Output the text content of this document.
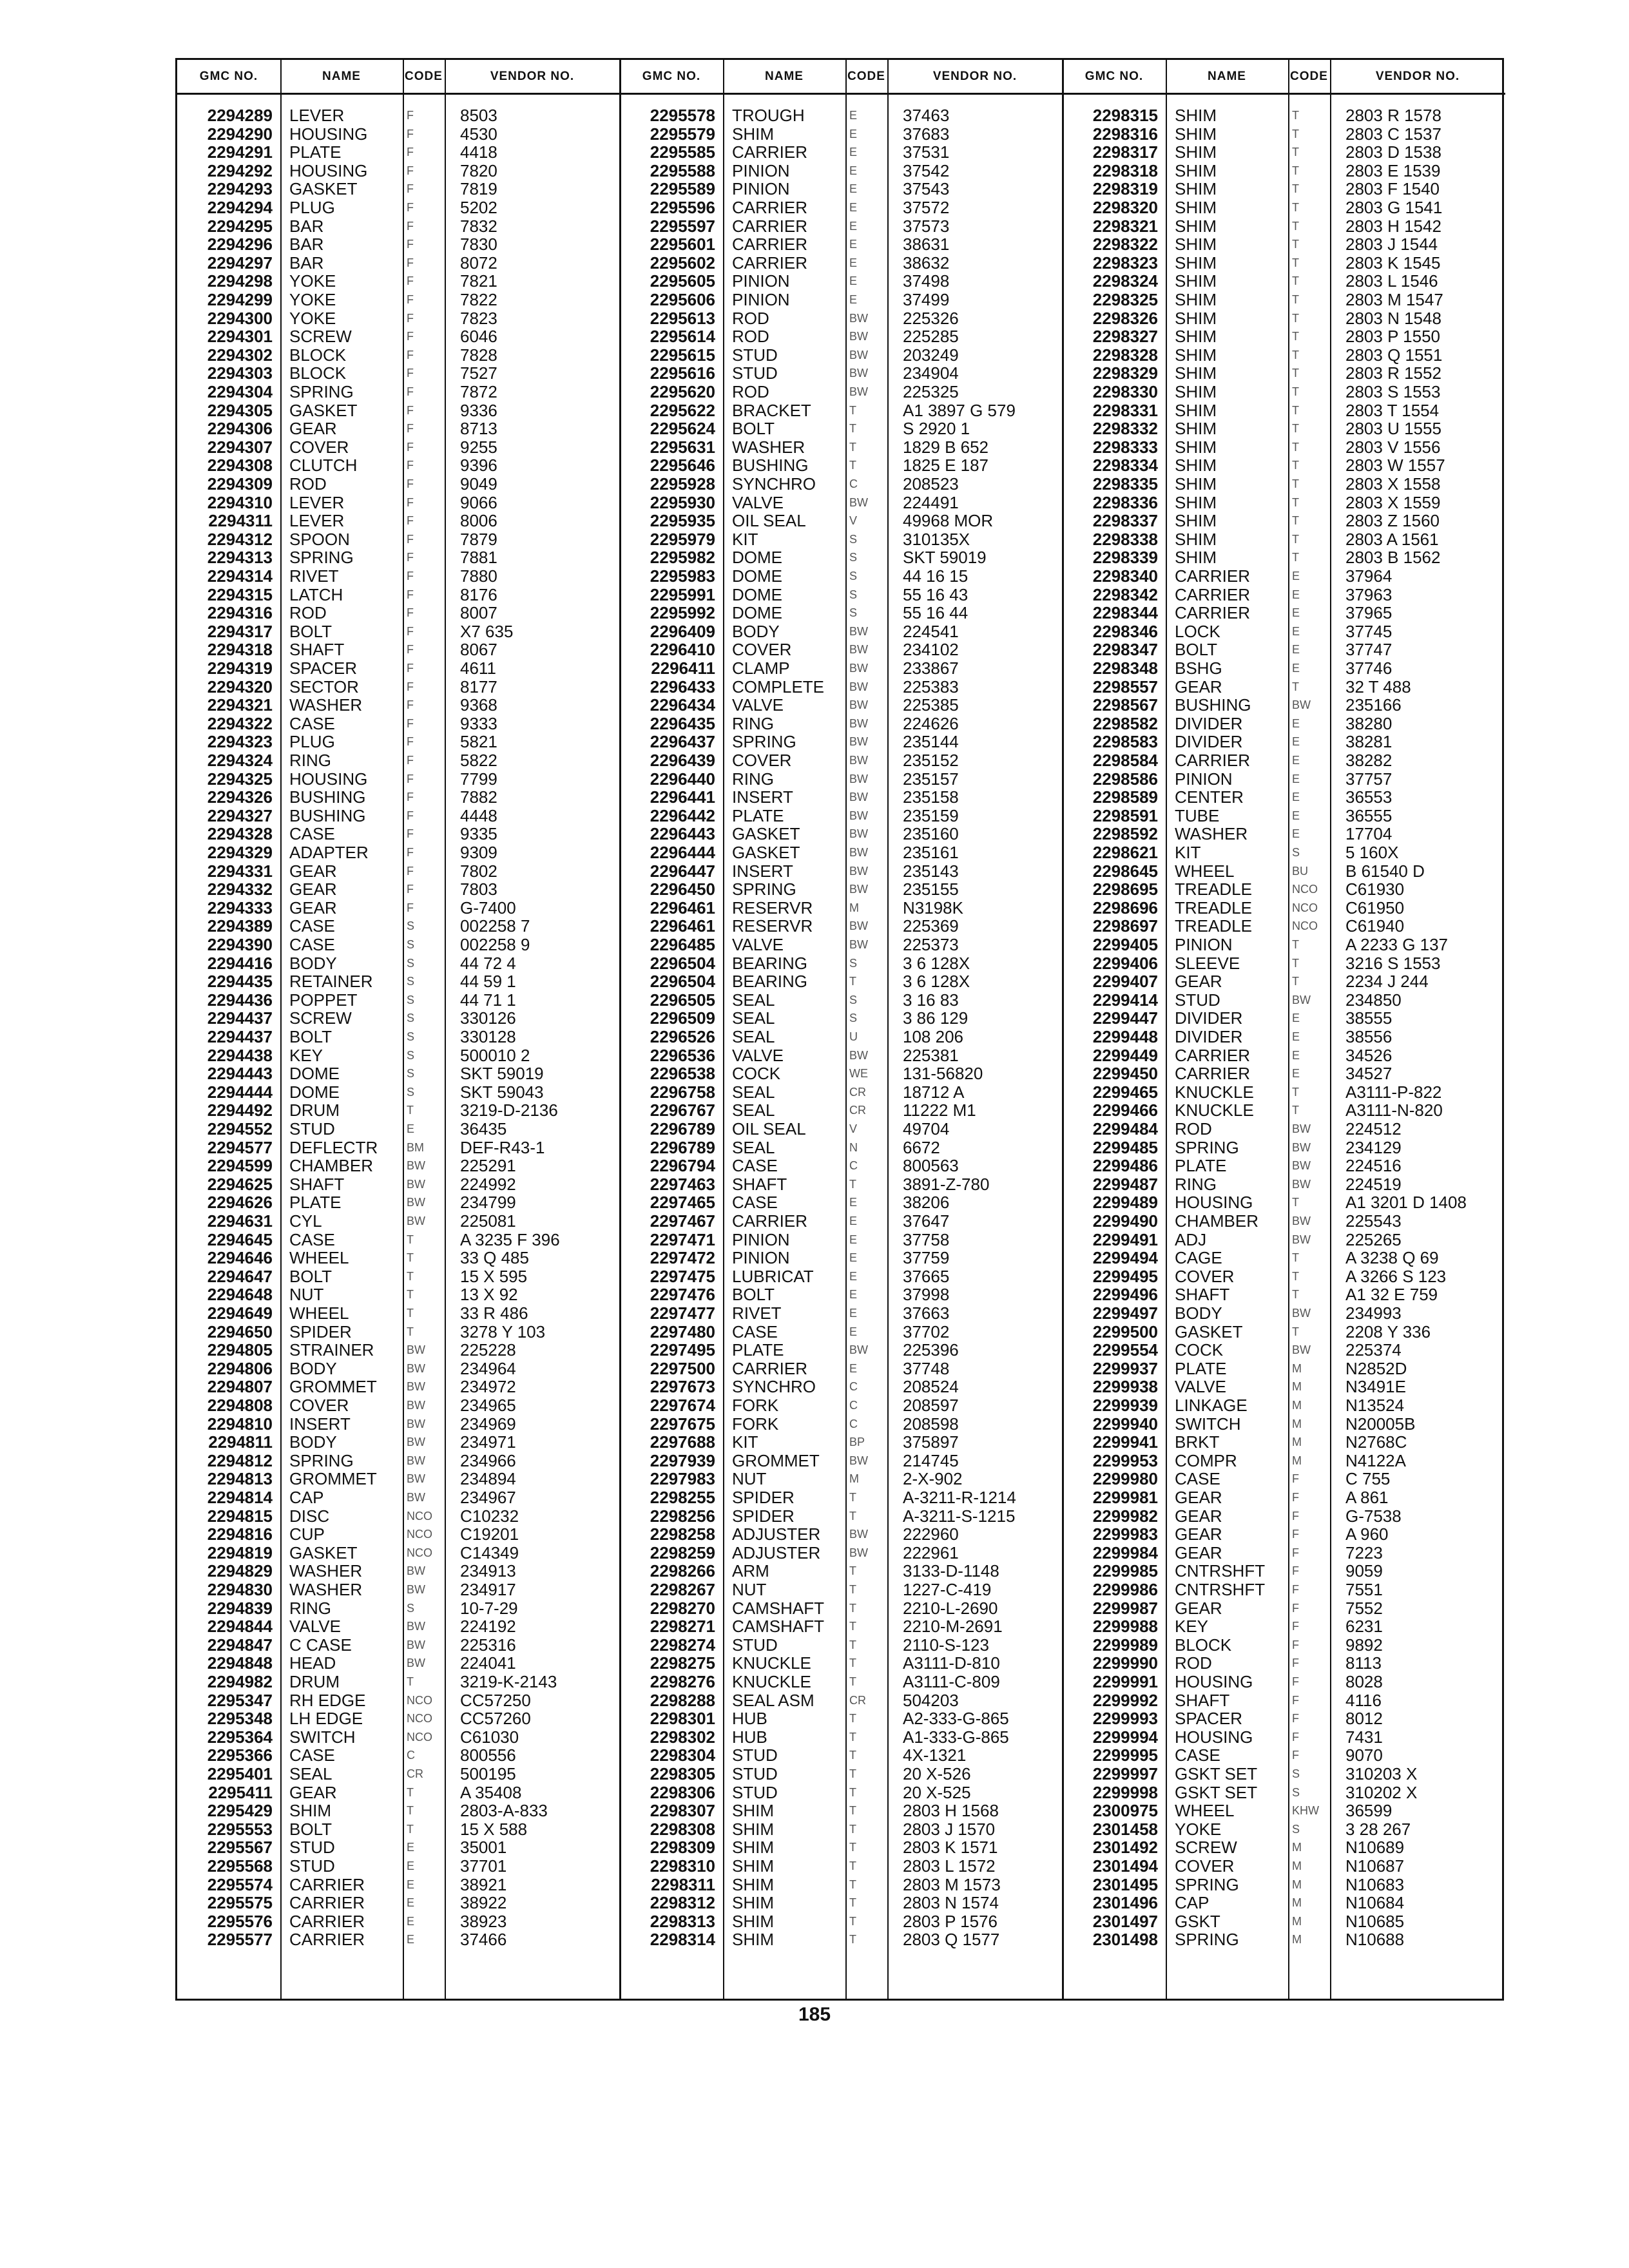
GMC NO.	NAME	CODE	VENDOR NO.	GMC NO.	NAME	CODE	VENDOR NO.	GMC NO.	NAME	CODE	VENDOR NO.
2294289 LEVER	F	8503
2294290 HOUSING	F	4530
2294291 PLATE	F	4418
2294292 HOUSING	F	7820
2294293 GASKET	F	7819
2294294 PLUG	F	5202
2294295 BAR	F	7832
2294296 BAR	F	7830
2294297 BAR	F	8072
2294298 YOKE	F	7821
2294299 YOKE	F	7822
2294300 YOKE	F	7823
2294301 SCREW	F	6046
2294302 BLOCK	F	7828
2294303 BLOCK	F	7527
2294304 SPRING	F	7872
2294305 GASKET	F	9336
2294306 GEAR	F	8713
2294307 COVER	F	9255
2294308 CLUTCH	F	9396
2294309 ROD	F	9049
2294310 LEVER	F	9066
2294311 LEVER	F	8006
2294312 SPOON	F	7879
2294313 SPRING	F	7881
2294314 RIVET	F	7880
2294315 LATCH	F	8176
2294316 ROD	F	8007
2294317 BOLT	F	X7 635
2294318 SHAFT	F	8067
2294319 SPACER	F	4611
2294320 SECTOR	F	8177
2294321 WASHER	F	9368
2294322 CASE	F	9333
2294323 PLUG	F	5821
2294324 RING	F	5822
2294325 HOUSING	F	7799
2294326 BUSHING	F	7882
2294327 BUSHING	F	4448
2294328 CASE	F	9335
2294329 ADAPTER	F	9309
2294331 GEAR	F	7802
2294332 GEAR	F	7803
2294333 GEAR	F	G-7400
2294389 CASE	S	002258 7
2294390 CASE	S	002258 9
2294416 BODY	S	44 72 4
2294435 RETAINER	S	44 59 1
2294436 POPPET	S	44 71 1
2294437 SCREW	S	330126
2294437 BOLT	S	330128
2294438 KEY	S	500010 2
2294443 DOME	S	SKT 59019
2294444 DOME	S	SKT 59043
2294492 DRUM	T	3219-D-2136
2294552 STUD	E	36435
2294577 DEFLECTR BM DEF-R43-1
2294599 CHAMBER	BW 225291
2294625 SHAFT	BW 224992
2294626 PLATE	BW 234799
2294631 CYL	BW 225081
2294645 CASE	T	A 3235 F 396
2294646 WHEEL	T	33 Q 485
2294647 BOLT	T	15 X 595
2294648 NUT	T	13 X 92
2294649 WHEEL	T	33 R 486
2294650 SPIDER	T	3278 Y 103
2294805 STRAINER	BW 225228
2294806 BODY	BW 234964
2294807 GROMMET	BW 234972
2294808 COVER	BW 234965
2294810 INSERT	BW 234969
2294811 BODY	BW 234971
2294812 SPRING	BW 234966
2294813 GROMMET	BW 234894
2294814 CAP	BW 234967
2294815 DISC	NCO C10232
2294816 CUP	NCO C19201
2294819 GASKET	NCO C14349
2294829 WASHER	BW 234913
2294830 WASHER	BW 234917
2294839 RING	S	10-7-29
2294844 VALVE	BW 224192
2294847 C CASE	BW 225316
2294848 HEAD	BW 224041
2294982 DRUM	T	3219-K-2143
2295347 RH EDGE	NCO CC57250
2295348 LH EDGE	NCO CC57260
2295364 SWITCH	NCO C61030
2295366 CASE	C	800556
2295401 SEAL	CR 500195
2295411 GEAR	T	A 35408
2295429 SHIM	T	2803-A-833
2295553 BOLT	T	15 X 588
2295567 STUD	E	35001
2295568 STUD	E	37701
2295574 CARRIER	E	38921
2295575 CARRIER	E	38922
2295576 CARRIER	E	38923
2295577 CARRIER	E	37466
2295578 TROUGH	E	37463
2295579 SHIM	E	37683
2295585 CARRIER	E	37531
2295588 PINION	E	37542
2295589 PINION	E	37543
2295596 CARRIER	E	37572
2295597 CARRIER	E	37573
2295601 CARRIER	E	38631
2295602 CARRIER	E	38632
2295605 PINION	E	37498
2295606 PINION	E	37499
2295613 ROD	BW 225326
2295614 ROD	BW 225285
2295615 STUD	BW 203249
2295616 STUD	BW 234904
2295620 ROD	BW 225325
2295622 BRACKET	T	A1 3897 G 579
2295624 BOLT	T	S 2920 1
2295631 WASHER	T	1829 B 652
2295646 BUSHING	T	1825 E 187
2295928 SYNCHRO	C	208523
2295930 VALVE	BW 224491
2295935 OIL SEAL	V	49968 MOR
2295979 KIT	S	310135X
2295982 DOME	S	SKT 59019
2295983 DOME	S	44 16 15
2295991 DOME	S	55 16 43
2295992 DOME	S	55 16 44
2296409 BODY	BW 224541
2296410 COVER	BW 234102
2296411 CLAMP	BW 233867
2296433 COMPLETE BW 225383
2296434 VALVE	BW 225385
2296435 RING	BW 224626
2296437 SPRING	BW 235144
2296439 COVER	BW 235152
2296440 RING	BW 235157
2296441 INSERT	BW 235158
2296442 PLATE	BW 235159
2296443 GASKET	BW 235160
2296444 GASKET	BW 235161
2296447 INSERT	BW 235143
2296450 SPRING	BW 235155
2296461 RESERVR	M	N3198K
2296461 RESERVR	BW 225369
2296485 VALVE	BW 225373
2296504 BEARING	S	3 6 128X
2296504 BEARING	T	3 6 128X
2296505 SEAL	S	3 16 83
2296509 SEAL	S	3 86 129
2296526 SEAL	U	108 206
2296536 VALVE	BW 225381
2296538 COCK	WE 131-56820
2296758 SEAL	CR 18712 A
2296767 SEAL	CR 11222 M1
2296789 OIL SEAL	V	49704
2296789 SEAL	N	6672
2296794 CASE	C	800563
2297463 SHAFT	T	3891-Z-780
2297465 CASE	E	38206
2297467 CARRIER	E	37647
2297471 PINION	E	37758
2297472 PINION	E	37759
2297475 LUBRICAT	E	37665
2297476 BOLT	E	37998
2297477 RIVET	E	37663
2297480 CASE	E	37702
2297495 PLATE	BW 225396
2297500 CARRIER	E	37748
2297673 SYNCHRO	C	208524
2297674 FORK	C	208597
2297675 FORK	C	208598
2297688 KIT	BP 375897
2297939 GROMMET	BW 214745
2297983 NUT	M	2-X-902
2298255 SPIDER	T	A-3211-R-1214
2298256 SPIDER	T	A-3211-S-1215
2298258 ADJUSTER BW 222960
2298259 ADJUSTER BW 222961
2298266 ARM	T	3133-D-1148
2298267 NUT	T	1227-C-419
2298270 CAMSHAFT T	2210-L-2690
2298271 CAMSHAFT T	2210-M-2691
2298274 STUD	T	2110-S-123
2298275 KNUCKLE	T	A3111-D-810
2298276 KNUCKLE	T	A3111-C-809
2298288 SEAL ASM	CR 504203
2298301 HUB	T	A2-333-G-865
2298302 HUB	T	A1-333-G-865
2298304 STUD	T	4X-1321
2298305 STUD	T	20 X-526
2298306 STUD	T	20 X-525
2298307 SHIM	T	2803 H 1568
2298308 SHIM	T	2803 J 1570
2298309 SHIM	T	2803 K 1571
2298310 SHIM	T	2803 L 1572
2298311 SHIM	T	2803 M 1573
2298312 SHIM	T	2803 N 1574
2298313 SHIM	T	2803 P 1576
2298314 SHIM	T	2803 Q 1577
2298315 SHIM	T	2803 R 1578
2298316 SHIM	T	2803 C 1537
2298317 SHIM	T	2803 D 1538
2298318 SHIM	T	2803 E 1539
2298319 SHIM	T	2803 F 1540
2298320 SHIM	T	2803 G 1541
2298321 SHIM	T	2803 H 1542
2298322 SHIM	T	2803 J 1544
2298323 SHIM	T	2803 K 1545
2298324 SHIM	T	2803 L 1546
2298325 SHIM	T	2803 M 1547
2298326 SHIM	T	2803 N 1548
2298327 SHIM	T	2803 P 1550
2298328 SHIM	T	2803 Q 1551
2298329 SHIM	T	2803 R 1552
2298330 SHIM	T	2803 S 1553
2298331 SHIM	T	2803 T 1554
2298332 SHIM	T	2803 U 1555
2298333 SHIM	T	2803 V 1556
2298334 SHIM	T	2803 W 1557
2298335 SHIM	T	2803 X 1558
2298336 SHIM	T	2803 X 1559
2298337 SHIM	T	2803 Z 1560
2298338 SHIM	T	2803 A 1561
2298339 SHIM	T	2803 B 1562
2298340 CARRIER	E	37964
2298342 CARRIER	E	37963
2298344 CARRIER	E	37965
2298346 LOCK	E	37745
2298347 BOLT	E	37747
2298348 BSHG	E	37746
2298557 GEAR	T	32 T 488
2298567 BUSHING	BW 235166
2298582 DIVIDER	E	38280
2298583 DIVIDER	E	38281
2298584 CARRIER	E	38282
2298586 PINION	E	37757
2298589 CENTER	E	36553
2298591 TUBE	E	36555
2298592 WASHER	E	17704
2298621 KIT	S	5 160X
2298645 WHEEL	BU B 61540 D
2298695 TREADLE	NCO C61930
2298696 TREADLE	NCO C61950
2298697 TREADLE	NCO C61940
2299405 PINION	T	A 2233 G 137
2299406 SLEEVE	T	3216 S 1553
2299407 GEAR	T	2234 J 244
2299414 STUD	BW 234850
2299447 DIVIDER	E	38555
2299448 DIVIDER	E	38556
2299449 CARRIER	E	34526
2299450 CARRIER	E	34527
2299465 KNUCKLE	T	A3111-P-822
2299466 KNUCKLE	T	A3111-N-820
2299484 ROD	BW 224512
2299485 SPRING	BW 234129
2299486 PLATE	BW 224516
2299487 RING	BW 224519
2299489 HOUSING	T	A1 3201 D 1408
2299490 CHAMBER	BW 225543
2299491 ADJ	BW 225265
2299494 CAGE	T	A 3238 Q 69
2299495 COVER	T	A 3266 S 123
2299496 SHAFT	T	A1 32 E 759
2299497 BODY	BW 234993
2299500 GASKET	T	2208 Y 336
2299554 COCK	BW 225374
2299937 PLATE	M	N2852D
2299938 VALVE	M	N3491E
2299939 LINKAGE	M	N13524
2299940 SWITCH	M	N20005B
2299941 BRKT	M	N2768C
2299953 COMPR	M	N4122A
2299980 CASE	F	C 755
2299981 GEAR	F	A 861
2299982 GEAR	F	G-7538
2299983 GEAR	F	A 960
2299984 GEAR	F	7223
2299985 CNTRSHFT F	9059
2299986 CNTRSHFT F	7551
2299987 GEAR	F	7552
2299988 KEY	F	6231
2299989 BLOCK	F	9892
2299990 ROD	F	8113
2299991 HOUSING	F	8028
2299992 SHAFT	F	4116
2299993 SPACER	F	8012
2299994 HOUSING	F	7431
2299995 CASE	F	9070
2299997 GSKT SET	S	310203 X
2299998 GSKT SET	S	310202 X
2300975 WHEEL	KHW 36599
2301458 YOKE	S	3 28 267
2301492 SCREW	M	N10689
2301494 COVER	M	N10687
2301495 SPRING	M	N10683
2301496 CAP	M	N10684
2301497 GSKT	M	N10685
2301498 SPRING	M	N10688
185
